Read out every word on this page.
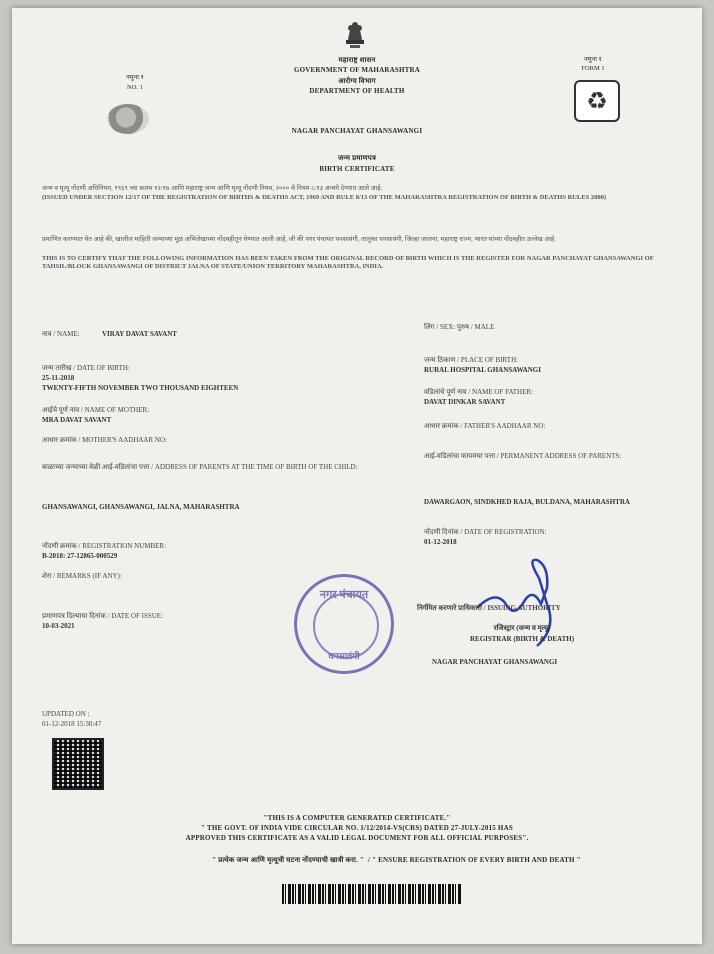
महाराष्ट्र शासन
GOVERNMENT OF MAHARASHTRA
आरोग्य विभाग
DEPARTMENT OF HEALTH
नमुना १
NO. 1
नमुना १
FORM 1
♻
NAGAR PANCHAYAT GHANSAWANGI
जन्म प्रमाणपत्र
BIRTH CERTIFICATE
जन्म व मृत्यू नोंदणी अधिनियम, १९६९ च्या कलम १२/१७ आणि महाराष्ट्र जन्म आणि मृत्यू नोंदणी नियम, २००० चे नियम ८/१३ अन्वये देण्यात आले आहे.
(ISSUED UNDER SECTION 12/17 OF THE REGISTRATION OF BIRTHS & DEATHS ACT, 1969 AND RULE 8/13 OF THE MAHARASHTRA REGISTRATION OF BIRTH & DEATHS RULES 2000)
प्रमाणित करण्यात येत आहे की, खालील माहिती जन्माच्या मूळ अभिलेखाच्या नोंदवहीतून घेण्यात आली आहे, जी की नगर पंचायत घनसावंगी, तालुका घनसावंगी, जिल्हा जालना, महाराष्ट्र राज्य, भारत यांच्या नोंदवहीत उल्लेख आहे.
THIS IS TO CERTIFY THAT THE FOLLOWING INFORMATION HAS BEEN TAKEN FROM THE ORIGINAL RECORD OF BIRTH WHICH IS THE REGISTER FOR NAGAR PANCHAYAT GHANSAWANGI OF TAHSIL/BLOCK GHANSAWANGI OF DISTRICT JALNA OF STATE/UNION TERRITORY MAHARASHTRA, INDIA.
नाव / NAME:	VIRAY DAVAT SAVANT
जन्म तारीख / DATE OF BIRTH:
25-11-2018
TWENTY-FIFTH NOVEMBER TWO THOUSAND EIGHTEEN
आईचे पूर्ण नाव / NAME OF MOTHER:
MRA DAVAT SAVANT
आधार क्रमांक / MOTHER'S AADHAAR NO:
बाळाच्या जन्माच्या वेळी आई-वडिलांचा पत्ता / ADDRESS OF PARENTS AT THE TIME OF BIRTH OF THE CHILD:
GHANSAWANGI, GHANSAWANGI, JALNA, MAHARASHTRA
नोंदणी क्रमांक / REGISTRATION NUMBER:
B-2018: 27-12865-000529
शेरा / REMARKS (IF ANY):
प्रमाणपत्र दिल्याचा दिनांक / DATE OF ISSUE:
10-03-2021
लिंग / SEX: पुरुष / MALE
जन्म ठिकाण / PLACE OF BIRTH:
RURAL HOSPITAL GHANSAWANGI
वडिलांचे पूर्ण नाव / NAME OF FATHER:
DAVAT DINKAR SAVANT
आधार क्रमांक / FATHER'S AADHAAR NO:
आई-वडिलांचा कायमचा पत्ता / PERMANENT ADDRESS OF PARENTS:
DAWARGAON, SINDKHED RAJA, BULDANA, MAHARASHTRA
नोंदणी दिनांक / DATE OF REGISTRATION:
01-12-2018
नगर पंचायत
घनसावंगी
निर्गमित करणारे प्राधिकारी / ISSUING AUTHORITY
रजिस्ट्रार (जन्म व मृत्यू)
REGISTRAR (BIRTH & DEATH)
NAGAR PANCHAYAT GHANSAWANGI
UPDATED ON :
01-12-2018 15:30:47
"THIS IS A COMPUTER GENERATED CERTIFICATE."
" THE GOVT. OF INDIA VIDE CIRCULAR NO. 1/12/2014-VS(CRS) DATED 27-JULY-2015 HAS
APPROVED THIS CERTIFICATE AS A VALID LEGAL DOCUMENT FOR ALL OFFICIAL PURPOSES".
" प्रत्येक जन्म आणि मृत्यूची घटना नोंदण्याची खात्री करा. " / " ENSURE REGISTRATION OF EVERY BIRTH AND DEATH "
